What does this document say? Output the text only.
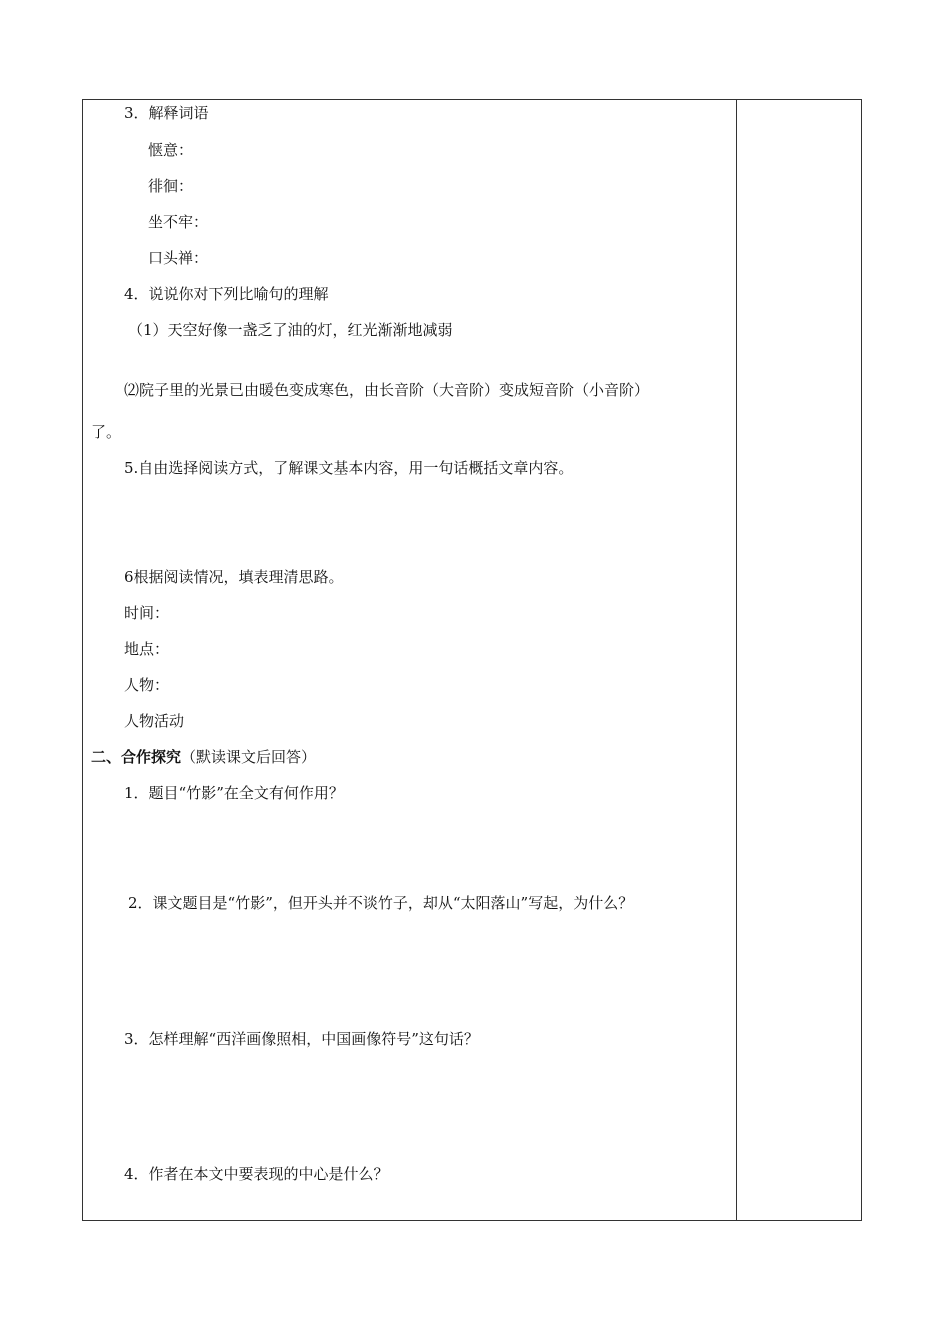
3．解释词语
惬意：
徘徊：
坐不牢：
口头禅：
4．说说你对下列比喻句的理解
（1）天空好像一盏乏了油的灯，红光渐渐地减弱
⑵院子里的光景已由暖色变成寒色，由长音阶（大音阶）变成短音阶（小音阶）
了。
5.自由选择阅读方式，了解课文基本内容，用一句话概括文章内容。
6根据阅读情况，填表理清思路。
时间：
地点：
人物：
人物活动
二、合作探究（默读课文后回答）
1．题目“竹影”在全文有何作用？
2．课文题目是“竹影”，但开头并不谈竹子，却从“太阳落山”写起，为什么？
3．怎样理解“西洋画像照相，中国画像符号”这句话？
4．作者在本文中要表现的中心是什么？
